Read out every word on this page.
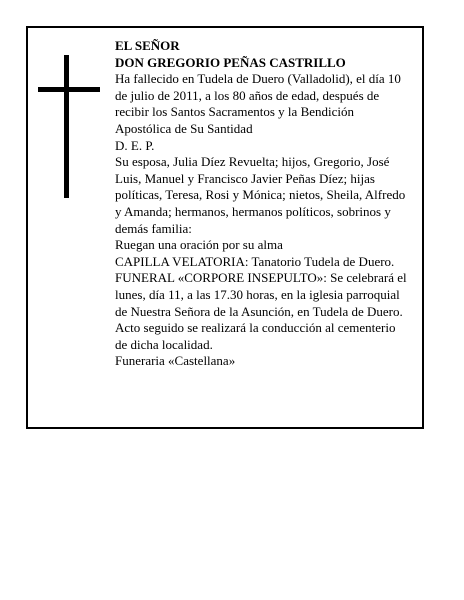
EL SEÑOR

DON GREGORIO PEÑAS CASTRILLO

Ha fallecido en Tudela de Duero (Valladolid), el día 10

de julio de 2011, a los 80 años de edad, después de

recibir los Santos Sacramentos y la Bendición

Apostólica de Su Santidad

D. E. P.

Su esposa, Julia Díez Revuelta; hijos, Gregorio, José

Luis, Manuel y Francisco Javier Peñas Díez; hijas

políticas, Teresa, Rosi y Mónica; nietos, Sheila, Alfredo

y Amanda; hermanos, hermanos políticos, sobrinos y

demás familia:

Ruegan una oración por su alma

CAPILLA VELATORIA: Tanatorio Tudela de Duero.

FUNERAL «CORPORE INSEPULTO»: Se celebrará el

lunes, día 11, a las 17.30 horas, en la iglesia parroquial

de Nuestra Señora de la Asunción, en Tudela de Duero.

Acto seguido se realizará la conducción al cementerio

de dicha localidad.

Funeraria «Castellana»
